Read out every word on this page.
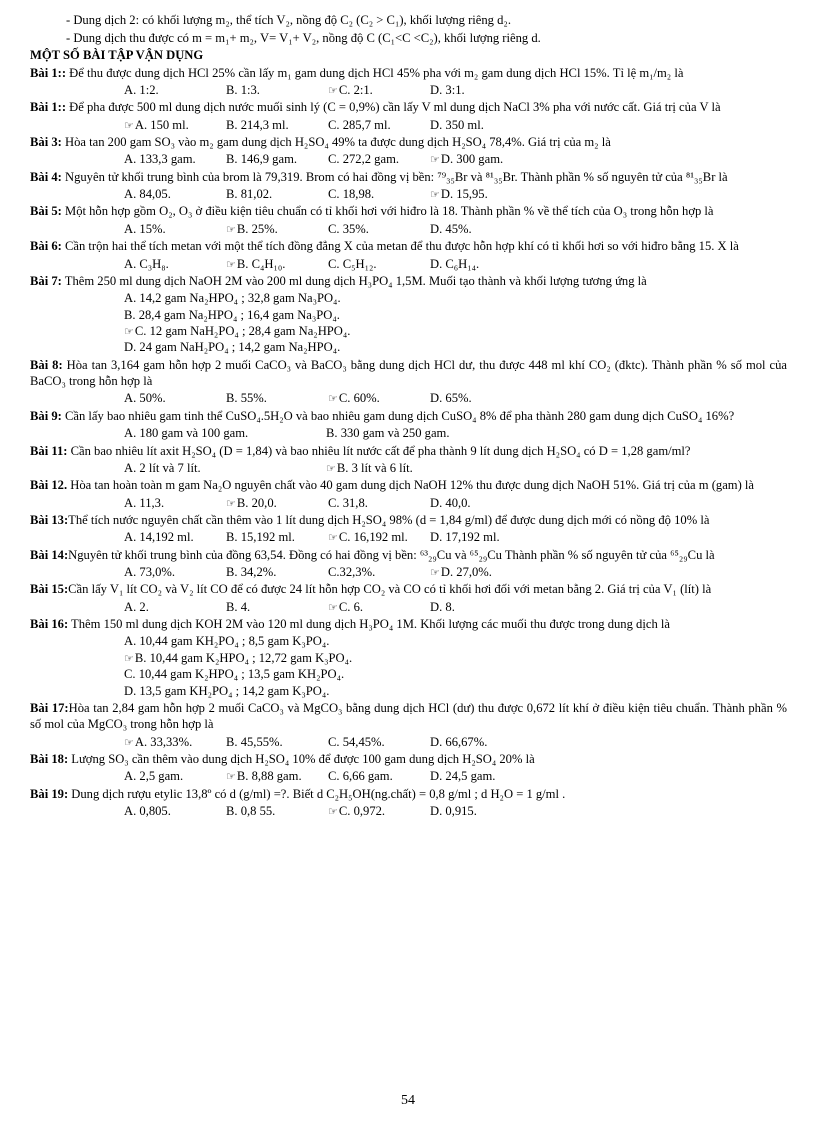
- Dung dịch 2: có khối lượng m₂, thể tích V₂, nồng độ C₂ (C₂ > C₁), khối lượng riêng d₂.
- Dung dịch thu được có m = m₁+ m₂, V= V₁+ V₂, nồng độ C (C₁<C <C₂), khối lượng riêng d.
MỘT SỐ BÀI TẬP VẬN DỤNG
Bài 1:: Để thu được dung dịch HCl 25% cần lấy m₁ gam dung dịch HCl 45% pha với m₂ gam dung dịch HCl 15%. Tỉ lệ m₁/m₂ là
A. 1:2.	B. 1:3.	☞C. 2:1.	D. 3:1.
Bài 1:: Để pha được 500 ml dung dịch nước muối sinh lý (C = 0,9%) cần lấy V ml dung dịch NaCl 3% pha với nước cất. Giá trị của V là
☞A. 150 ml.	B. 214,3 ml.	C. 285,7 ml.	D. 350 ml.
Bài 3: Hòa tan 200 gam SO₃ vào m₂ gam dung dịch H₂SO₄ 49% ta được dung dịch H₂SO₄ 78,4%. Giá trị của m₂ là
A. 133,3 gam.	B. 146,9 gam.	C. 272,2 gam.	☞D. 300 gam.
Bài 4: Nguyên tử khối trung bình của brom là 79,319. Brom có hai đồng vị bền: ⁷⁹₃₅Br và ⁸¹₃₅Br. Thành phần % số nguyên tử của ⁸¹₃₅Br là
A. 84,05.	B. 81,02.	C. 18,98.	☞D. 15,95.
Bài 5: Một hỗn hợp gồm O₂, O₃ ở điều kiện tiêu chuẩn có tỉ khối hơi với hiđro là 18. Thành phần % về thể tích của O₃ trong hỗn hợp là
A. 15%.	☞B. 25%.	C. 35%.	D. 45%.
Bài 6: Cần trộn hai thể tích metan với một thể tích đồng đẳng X của metan để thu được hỗn hợp khí có tỉ khối hơi so với hiđro bằng 15. X là
A. C₃H₈.	☞B. C₄H₁₀.	C. C₅H₁₂.	D. C₆H₁₄.
Bài 7: Thêm 250 ml dung dịch NaOH 2M vào 200 ml dung dịch H₃PO₄ 1,5M. Muối tạo thành và khối lượng tương ứng là
A. 14,2 gam Na₂HPO₄ ; 32,8 gam Na₃PO₄.
B. 28,4 gam Na₂HPO₄ ; 16,4 gam Na₃PO₄.
☞C. 12 gam NaH₂PO₄ ; 28,4 gam Na₂HPO₄.
D. 24 gam NaH₂PO₄ ; 14,2 gam Na₂HPO₄.
Bài 8: Hòa tan 3,164 gam hỗn hợp 2 muối CaCO₃ và BaCO₃ bằng dung dịch HCl dư, thu được 448 ml khí CO₂ (đktc). Thành phần % số mol của BaCO₃ trong hỗn hợp là
A. 50%.	B. 55%.	☞C. 60%.	D. 65%.
Bài 9: Cần lấy bao nhiêu gam tinh thể CuSO₄.5H₂O và bao nhiêu gam dung dịch CuSO₄ 8% để pha thành 280 gam dung dịch CuSO₄ 16%?
A. 180 gam và 100 gam.	B. 330 gam và 250 gam.
Bài 11: Cần bao nhiêu lít axit H₂SO₄ (D = 1,84) và bao nhiêu lít nước cất để pha thành 9 lít dung dịch H₂SO₄ có D = 1,28 gam/ml?
A. 2 lít và 7 lít.	☞B. 3 lít và 6 lít.
Bài 12. Hòa tan hoàn toàn m gam Na₂O nguyên chất vào 40 gam dung dịch NaOH 12% thu được dung dịch NaOH 51%. Giá trị của m (gam) là
A. 11,3.	☞B. 20,0.	C. 31,8.	D. 40,0.
Bài 13:Thể tích nước nguyên chất cần thêm vào 1 lít dung dịch H₂SO₄ 98% (d = 1,84 g/ml) để được dung dịch mới có nồng độ 10% là
A. 14,192 ml.	B. 15,192 ml.	☞C. 16,192 ml.	D. 17,192 ml.
Bài 14:Nguyên tử khối trung bình của đồng 63,54. Đồng có hai đồng vị bền: ⁶³₂₉Cu và ⁶⁵₂₉Cu Thành phần % số nguyên tử của ⁶⁵₂₉Cu là
A. 73,0%.	B. 34,2%.	C.32,3%.	☞D. 27,0%.
Bài 15:Cần lấy V₁ lít CO₂ và V₂ lít CO để có được 24 lít hỗn hợp CO₂ và CO có tỉ khối hơi đối với metan bằng 2. Giá trị của V₁ (lít) là
A. 2.	B. 4.	☞C. 6.	D. 8.
Bài 16: Thêm 150 ml dung dịch KOH 2M vào 120 ml dung dịch H₃PO₄ 1M. Khối lượng các muối thu được trong dung dịch là
A. 10,44 gam KH₂PO₄ ; 8,5 gam K₃PO₄.
☞B. 10,44 gam K₂HPO₄ ; 12,72 gam K₃PO₄.
C. 10,44 gam K₂HPO₄ ; 13,5 gam KH₂PO₄.
D. 13,5 gam KH₂PO₄ ; 14,2 gam K₃PO₄.
Bài 17:Hòa tan 2,84 gam hỗn hợp 2 muối CaCO₃ và MgCO₃ bằng dung dịch HCl (dư) thu được 0,672 lít khí ở điều kiện tiêu chuẩn. Thành phần % số mol của MgCO₃ trong hỗn hợp là
☞A. 33,33%.	B. 45,55%.	C. 54,45%.	D. 66,67%.
Bài 18: Lượng SO₃ cần thêm vào dung dịch H₂SO₄ 10% để được 100 gam dung dịch H₂SO₄ 20% là
A. 2,5 gam.	☞B. 8,88 gam.	C. 6,66 gam.	D. 24,5 gam.
Bài 19: Dung dịch rượu etylic 13,8º có d (g/ml) =?. Biết d C₂H₅OH(ng.chất) = 0,8 g/ml ; d H₂O = 1 g/ml .
A. 0,805.	B. 0,8 55.	☞C. 0,972.	D. 0,915.
54
